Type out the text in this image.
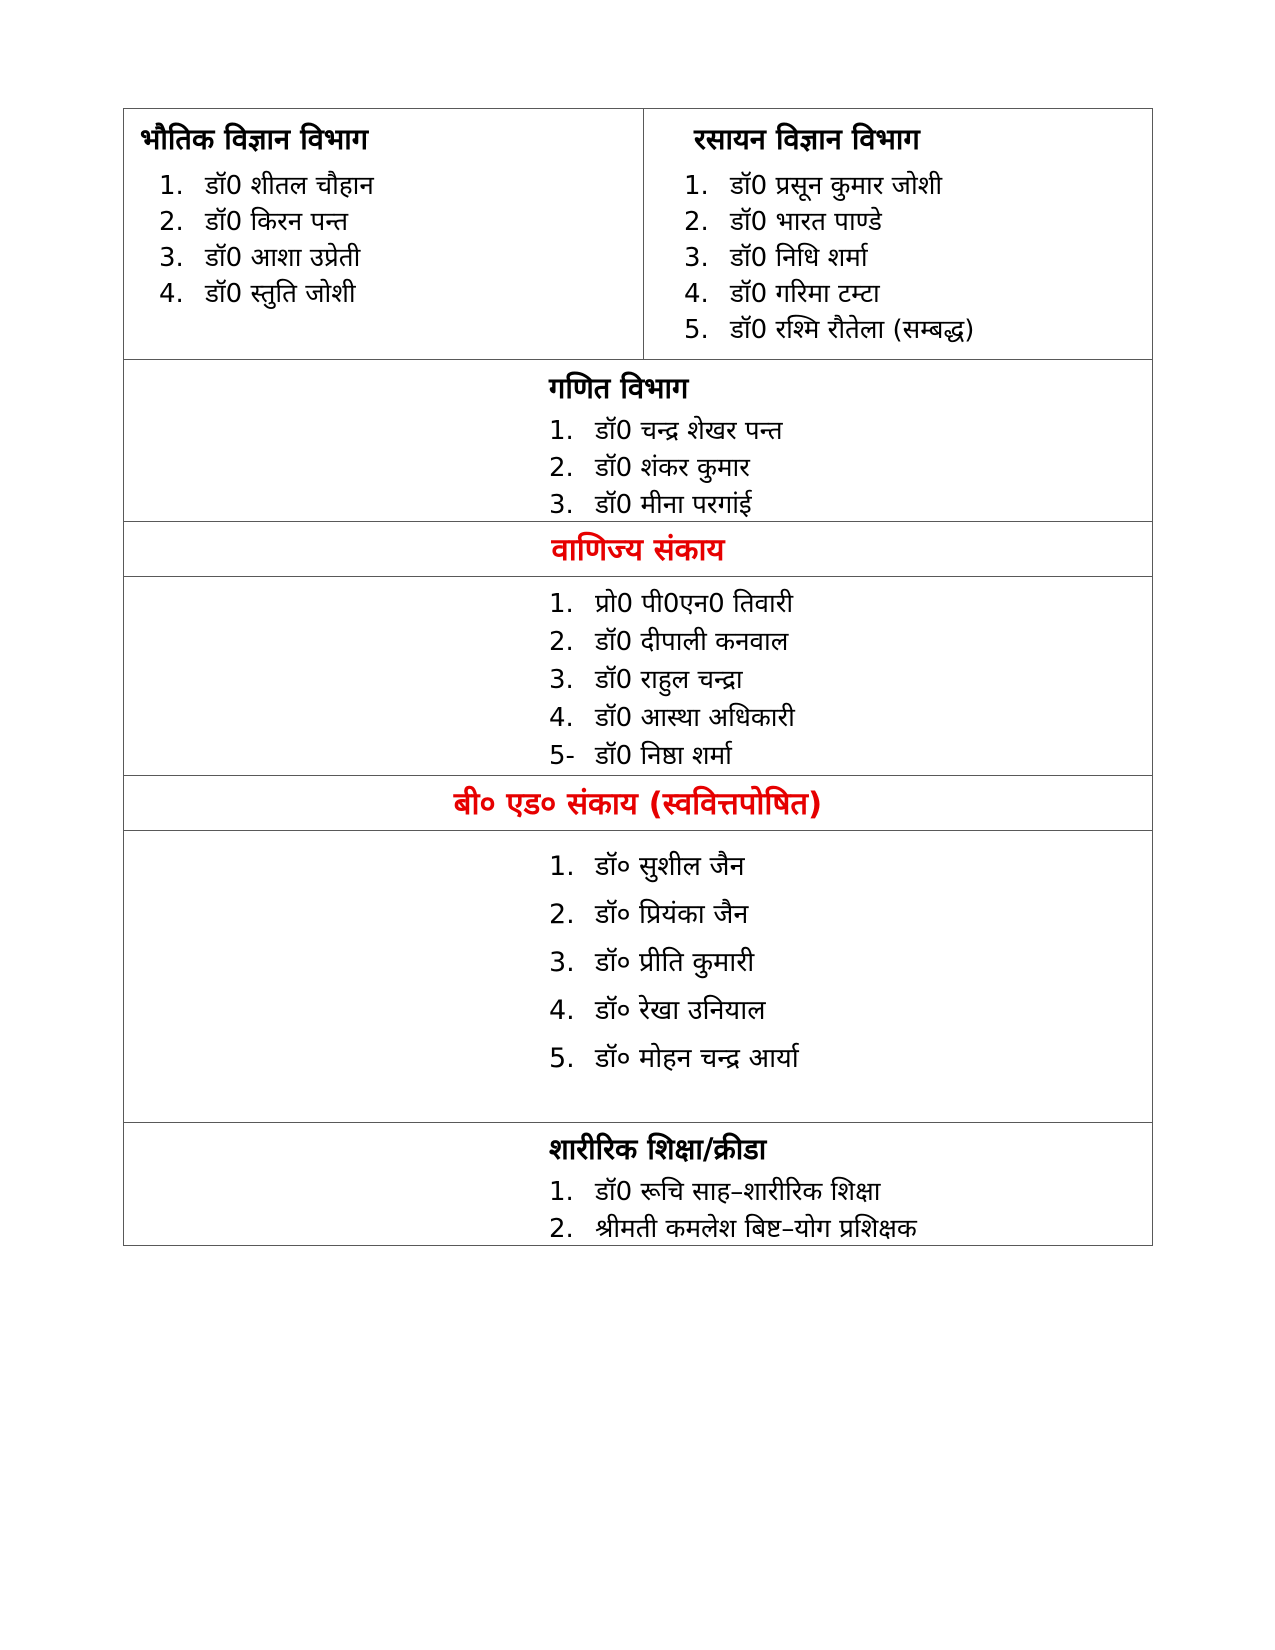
भौतिक विज्ञान विभाग
1. डॉ0 शीतल चौहान
2. डॉ0 किरन पन्त
3. डॉ0 आशा उप्रेती
4. डॉ0 स्तुति जोशी
रसायन विज्ञान विभाग
1. डॉ0 प्रसून कुमार जोशी
2. डॉ0 भारत पाण्डे
3. डॉ0 निधि शर्मा
4. डॉ0 गरिमा टम्टा
5. डॉ0 रश्मि रौतेला (सम्बद्ध)
गणित विभाग
1. डॉ0 चन्द्र शेखर पन्त
2. डॉ0 शंकर कुमार
3. डॉ0 मीना परगांई
वाणिज्य संकाय
1. प्रो0 पी0एन0 तिवारी
2. डॉ0 दीपाली कनवाल
3. डॉ0 राहुल चन्द्रा
4. डॉ0 आस्था अधिकारी
5- डॉ0 निष्ठा शर्मा
बी० एड० संकाय (स्ववित्तपोषित)
1. डॉ० सुशील जैन
2. डॉ० प्रियंका जैन
3. डॉ० प्रीति कुमारी
4. डॉ० रेखा उनियाल
5. डॉ० मोहन चन्द्र आर्या
शारीरिक शिक्षा/क्रीडा
1. डॉ0 रूचि साह–शारीरिक शिक्षा
2. श्रीमती कमलेश बिष्ट–योग प्रशिक्षक
